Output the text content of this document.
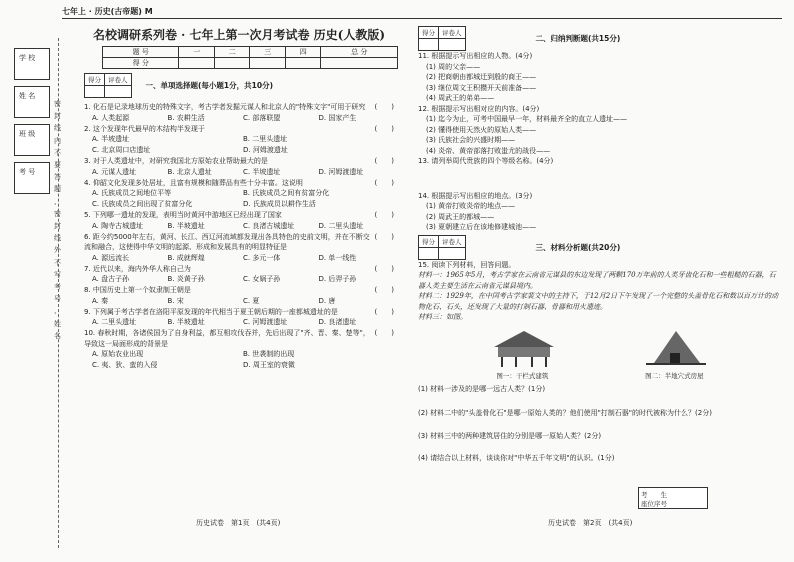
七年上 · 历史(古帝题) M
学 校
姓 名
班 级
考 号
密 封 线 内 不 要 答 题 、 密 封 线 外 不 写 考 号 、 姓 名
名校调研系列卷 · 七年上第一次月考试卷 历史(人教版)
题 号	一	二	三	四	总 分
得 分					
得分	评卷人

一、单项选择题(每小题1分，共10分)

(　　)
1. 化石是记录地球历史的特殊文字，考古学者发掘元谋人和北京人的"特殊文字"可用于研究

A. 人类起源	B. 农耕生活	C. 部落联盟	D. 国家产生

(　　)
2. 这个发现年代最早的木结构半发现于

A. 半坡遗址	B. 二里头遗址
C. 北京周口店遗址	D. 河姆渡遗址

(　　)
3. 对于人类遗址中，对研究我国北方原始农业帮助最大的是

A. 元谋人遗址	B. 北京人遗址	C. 半坡遗址	D. 河姆渡遗址

(　　)
4. 仰韶文化发现多处居址，且富有规模和随葬品有些十分丰富。这说明

A. 氏族成员之间地位平等	B. 氏族成员之间有贫富分化
C. 氏族成员之间出现了贫富分化	D. 氏族成员以耕作生活

(　　)
5. 下列哪一遗址的发现，表明当时黄河中游地区已经出现了国家

A. 陶寺古城遗址	B. 半坡遗址	C. 良渚古城遗址	D. 二里头遗址

(　　)
6. 距今约5000年左右，黄河、长江、西辽河流域都发现出各具特色的史前文明，并在不断交流和融合，这使得中华文明的起源、形成和发展具有的明显特征是

A. 源远流长	B. 成就辉煌	C. 多元一体	D. 单一线性

(　　)
7. 近代以来，海内外华人称自己为

A. 盘古子孙	B. 炎黄子孙	C. 女娲子孙	D. 后羿子孙

(　　)
8. 中国历史上第一个奴隶制王朝是

A. 秦	B. 宋	C. 夏	D. 唐

(　　)
9. 下列属于考古学者在洛阳平原发现的年代相当于夏王朝后期的一座都城遗址的是

A. 二里头遗址	B. 半坡遗址	C. 河姆渡遗址	D. 良渚遗址

(　　)
10. 春秋时期，各诸侯国为了自身利益，都互相攻伐吞并，先后出现了"齐、晋、秦、楚等"，导致这一局面形成的背景是

A. 原始农业出现	B. 世袭制的出现
C. 夷、狄、蛮的入侵	D. 周王室的衰微
历史试卷　第1页　(共4页)
得分	评卷人

二、归纳判断题(共15分)

11. 根据提示写出相应的人物。(4分)

(1) 周的父亲——

(2) 把商朝由都城迁到殷的商王——

(3) 继位周文王积攒开天前准备——

(4) 周武王的弟弟——

12. 根据提示写出相对应的内容。(4分)

(1) 迄今为止，可考中国最早一年，材料最齐全的直立人遗址——

(2) 懂得使用天然火的原始人类——

(3) 氏族社会的兴盛时期——

(4) 炎帝、黄帝部落打败蚩尤的战役——

13. 请列举周代贵族的四个等级名称。(4分)

14. 根据提示写出相应的地点。(3分)

(1) 黄帝打败炎帝的地点——

(2) 周武王的都城——

(3) 夏朝建立后在该地修建城池——

得分	评卷人

三、材料分析题(共20分)

15. 阅读下列材料，回答问题。

材料一：1965年5月，考古学家在云南省元谋县的东边发现了两颗170万年前的人类牙齿化石和一些粗糙的石器，石器人类主要生活在云南省元谋县境内。

材料二：1929年，在中国考古学家裴文中的主持下，于12月2日下午发现了一个完整的头盖骨化石和数以百万计的动物化石、石头，还发现了大量的打制石器、骨器和用火遗迹。

材料三：如图。

图一：干栏式建筑	图二：半地穴式房屋

(1) 材料一涉及的是哪一远古人类？(1分)

(2) 材料二中的"头盖骨化石"是哪一原始人类的？他们使用"打制石器"的时代被称为什么？(2分)

(3) 材料三中的两种建筑居住的分别是哪一原始人类？(2分)

(4) 请结合以上材料，谈谈你对"中华五千年文明"的认识。(1分)

考　　生
座位序号
历史试卷　第2页　(共4页)
